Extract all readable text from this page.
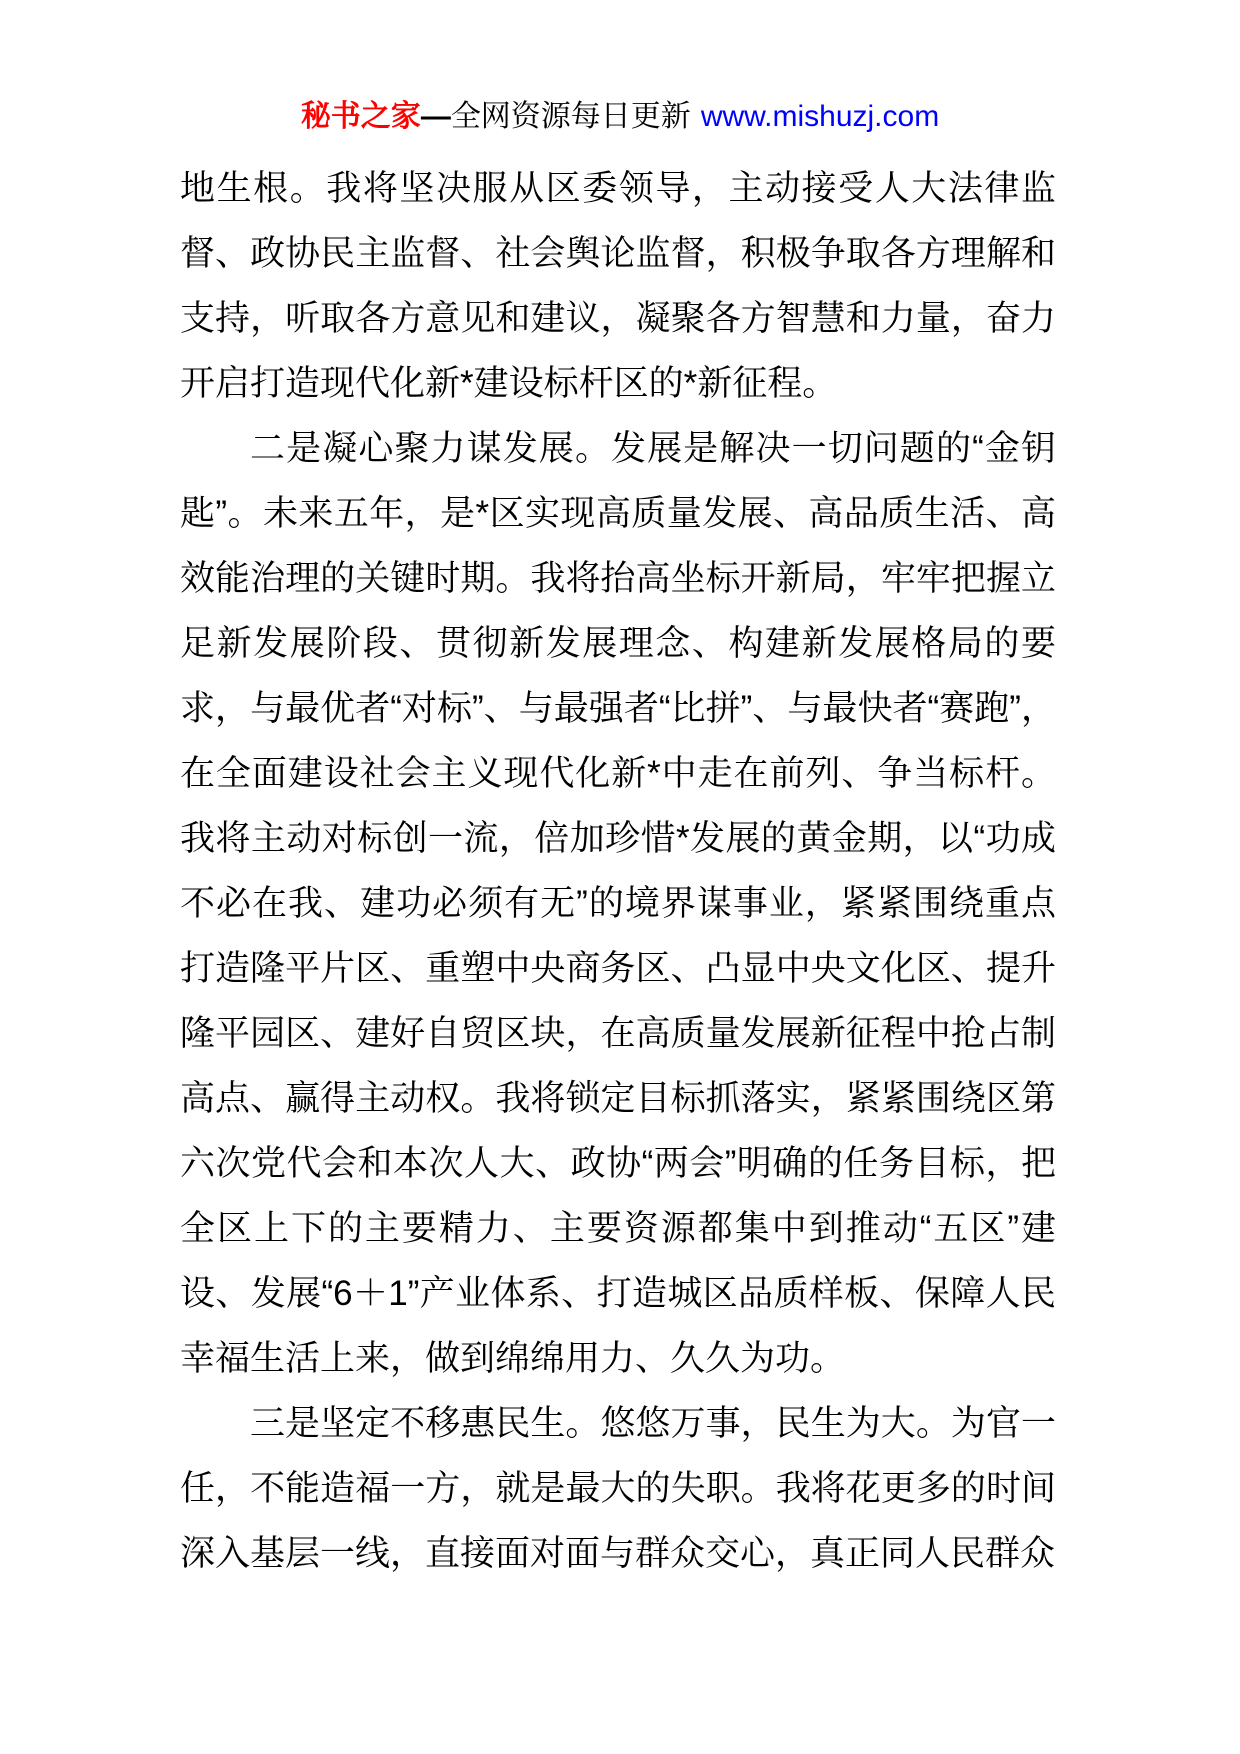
秘书之家—全网资源每日更新 www.mishuzj.com

地生根。我将坚决服从区委领导，主动接受人大法律监督、政协民主监督、社会舆论监督，积极争取各方理解和支持，听取各方意见和建议，凝聚各方智慧和力量，奋力开启打造现代化新*建设标杆区的*新征程。

二是凝心聚力谋发展。发展是解决一切问题的“金钥匙”。未来五年，是*区实现高质量发展、高品质生活、高效能治理的关键时期。我将抬高坐标开新局，牢牢把握立足新发展阶段、贯彻新发展理念、构建新发展格局的要求，与最优者“对标”、与最强者“比拼”、与最快者“赛跑”，在全面建设社会主义现代化新*中走在前列、争当标杆。我将主动对标创一流，倍加珍惜*发展的黄金期，以“功成不必在我、建功必须有无”的境界谋事业，紧紧围绕重点打造隆平片区、重塑中央商务区、凸显中央文化区、提升隆平园区、建好自贸区块，在高质量发展新征程中抢占制高点、赢得主动权。我将锁定目标抓落实，紧紧围绕区第六次党代会和本次人大、政协“两会”明确的任务目标，把全区上下的主要精力、主要资源都集中到推动“五区”建设、发展“6＋1”产业体系、打造城区品质样板、保障人民幸福生活上来，做到绵绵用力、久久为功。

三是坚定不移惠民生。悠悠万事，民生为大。为官一任，不能造福一方，就是最大的失职。我将花更多的时间深入基层一线，直接面对面与群众交心，真正同人民群众
